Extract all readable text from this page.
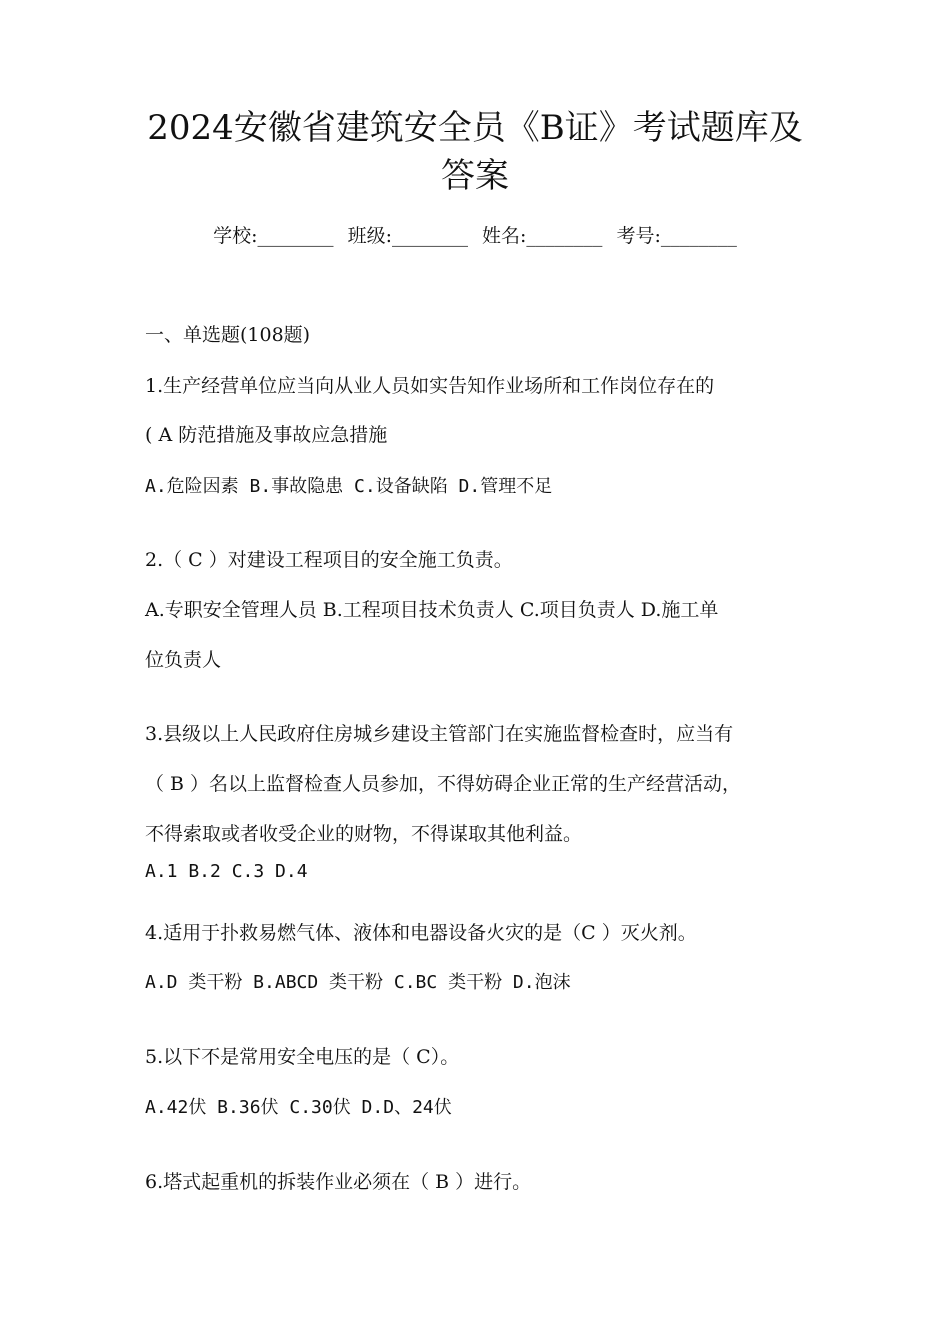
2024安徽省建筑安全员《B证》考试题库及
答案
学校:________ 班级:________ 姓名:________ 考号:________
一、单选题(108题)
1.生产经营单位应当向从业人员如实告知作业场所和工作岗位存在的
( A 防范措施及事故应急措施
A.危险因素 B.事故隐患 C.设备缺陷 D.管理不足
2.（ C ）对建设工程项目的安全施工负责。
A.专职安全管理人员 B.工程项目技术负责人 C.项目负责人 D.施工单
位负责人
3.县级以上人民政府住房城乡建设主管部门在实施监督检查时，应当有
（ B ）名以上监督检查人员参加，不得妨碍企业正常的生产经营活动，
不得索取或者收受企业的财物，不得谋取其他利益。
A.1 B.2 C.3 D.4
4.适用于扑救易燃气体、液体和电器设备火灾的是（C ）灭火剂。
A.D 类干粉 B.ABCD 类干粉 C.BC 类干粉 D.泡沫
5.以下不是常用安全电压的是（ C）。
A.42伏 B.36伏 C.30伏 D.D、24伏
6.塔式起重机的拆装作业必须在（ B ）进行。
